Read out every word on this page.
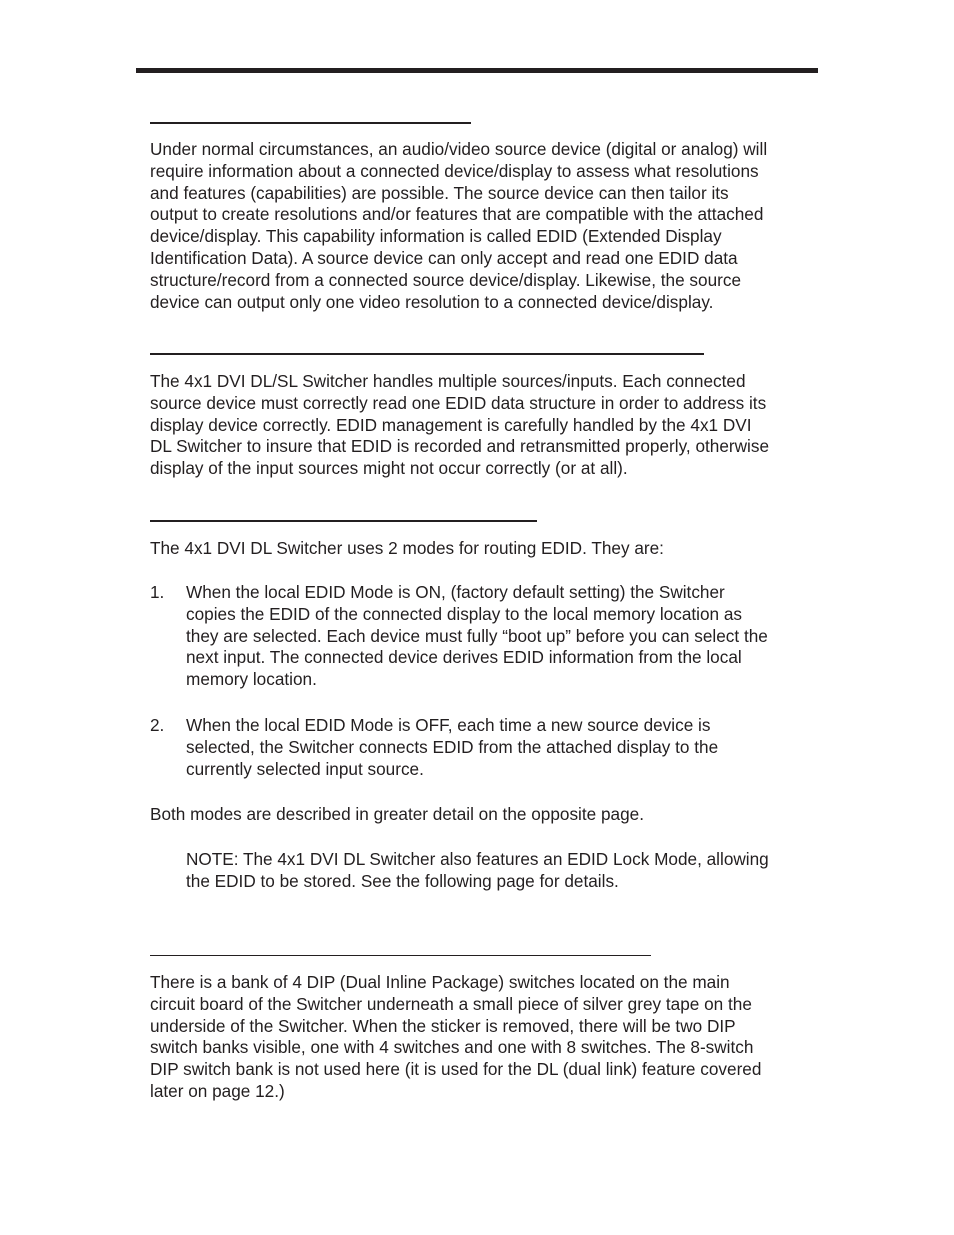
Under normal circumstances, an audio/video source device (digital or analog) will
require information about a connected device/display to assess what resolutions
and features (capabilities) are possible. The source device can then tailor its
output to create resolutions and/or features that are compatible with the attached
device/display. This capability information is called EDID (Extended Display
Identification Data). A source device can only accept and read one EDID data
structure/record from a connected source device/display. Likewise, the source
device can output only one video resolution to a connected device/display.
The 4x1 DVI DL/SL Switcher handles multiple sources/inputs. Each connected
source device must correctly read one EDID data structure in order to address its
display device correctly. EDID management is carefully handled by the 4x1 DVI
DL Switcher to insure that EDID is recorded and retransmitted properly, otherwise
display of the input sources might not occur correctly (or at all).
The 4x1 DVI DL Switcher uses 2 modes for routing EDID. They are:
1. When the local EDID Mode is ON, (factory default setting) the Switcher
copies the EDID of the connected display to the local memory location as
they are selected. Each device must fully “boot up” before you can select the
next input. The connected device derives EDID information from the local
memory location.
2. When the local EDID Mode is OFF, each time a new source device is
selected, the Switcher connects EDID from the attached display to the
currently selected input source.
Both modes are described in greater detail on the opposite page.
NOTE: The 4x1 DVI DL Switcher also features an EDID Lock Mode, allowing
the EDID to be stored. See the following page for details.
There is a bank of 4 DIP (Dual Inline Package) switches located on the main
circuit board of the Switcher underneath a small piece of silver grey tape on the
underside of the Switcher. When the sticker is removed, there will be two DIP
switch banks visible, one with 4 switches and one with 8 switches. The 8-switch
DIP switch bank is not used here (it is used for the DL (dual link) feature covered
later on page 12.)
